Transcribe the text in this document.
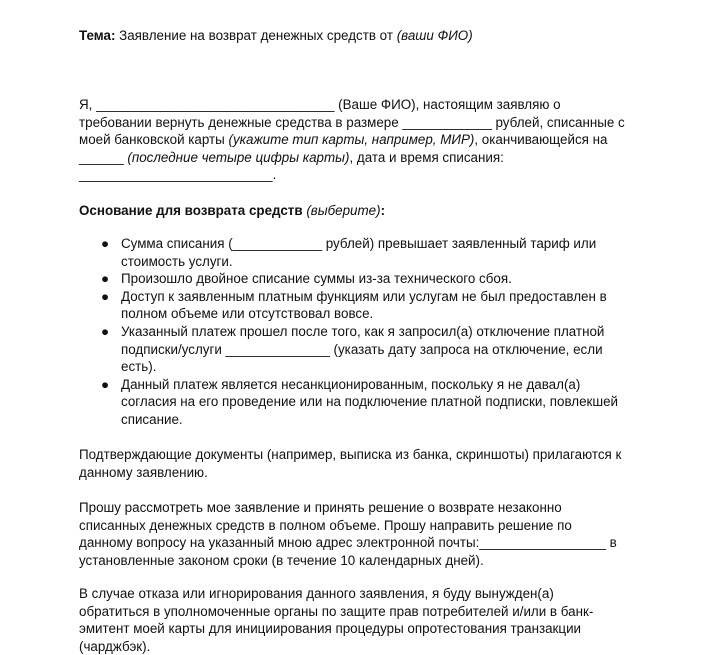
Тема: Заявление на возврат денежных средств от (ваши ФИО)

Я, ________________________________ (Ваше ФИО), настоящим заявляю о требовании вернуть денежные средства в размере ____________ рублей, списанные с моей банковской карты (укажите тип карты, например, МИР), оканчивающейся на ______ (последние четыре цифры карты), дата и время списания: __________________________.

Основание для возврата средств (выберите):

● Сумма списания (____________ рублей) превышает заявленный тариф или стоимость услуги.
● Произошло двойное списание суммы из-за технического сбоя.
● Доступ к заявленным платным функциям или услугам не был предоставлен в полном объеме или отсутствовал вовсе.
● Указанный платеж прошел после того, как я запросил(а) отключение платной подписки/услуги ______________ (указать дату запроса на отключение, если есть).
● Данный платеж является несанкционированным, поскольку я не давал(а) согласия на его проведение или на подключение платной подписки, повлекшей списание.

Подтверждающие документы (например, выписка из банка, скриншоты) прилагаются к данному заявлению.

Прошу рассмотреть мое заявление и принять решение о возврате незаконно списанных денежных средств в полном объеме. Прошу направить решение по данному вопросу на указанный мною адрес электронной почты:_________________ в установленные законом сроки (в течение 10 календарных дней).

В случае отказа или игнорирования данного заявления, я буду вынужден(а) обратиться в уполномоченные органы по защите прав потребителей и/или в банк-эмитент моей карты для инициирования процедуры опротестования транзакции (чарджбэк).
